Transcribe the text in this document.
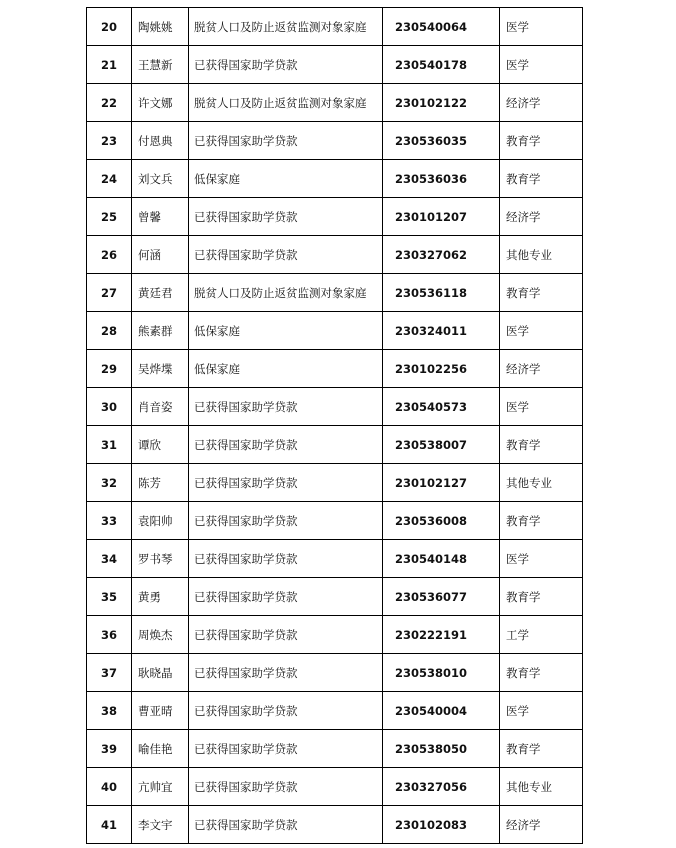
20	陶姚姚	脱贫人口及防止返贫监测对象家庭	230540064	医学
21	王慧新	已获得国家助学贷款	230540178	医学
22	许文娜	脱贫人口及防止返贫监测对象家庭	230102122	经济学
23	付恩典	已获得国家助学贷款	230536035	教育学
24	刘文兵	低保家庭	230536036	教育学
25	曾馨	已获得国家助学贷款	230101207	经济学
26	何涵	已获得国家助学贷款	230327062	其他专业
27	黄廷君	脱贫人口及防止返贫监测对象家庭	230536118	教育学
28	熊素群	低保家庭	230324011	医学
29	吴烨堞	低保家庭	230102256	经济学
30	肖音姿	已获得国家助学贷款	230540573	医学
31	谭欣	已获得国家助学贷款	230538007	教育学
32	陈芳	已获得国家助学贷款	230102127	其他专业
33	袁阳帅	已获得国家助学贷款	230536008	教育学
34	罗书琴	已获得国家助学贷款	230540148	医学
35	黄勇	已获得国家助学贷款	230536077	教育学
36	周焕杰	已获得国家助学贷款	230222191	工学
37	耿晓晶	已获得国家助学贷款	230538010	教育学
38	曹亚晴	已获得国家助学贷款	230540004	医学
39	喻佳艳	已获得国家助学贷款	230538050	教育学
40	亢帅宜	已获得国家助学贷款	230327056	其他专业
41	李文宇	已获得国家助学贷款	230102083	经济学
